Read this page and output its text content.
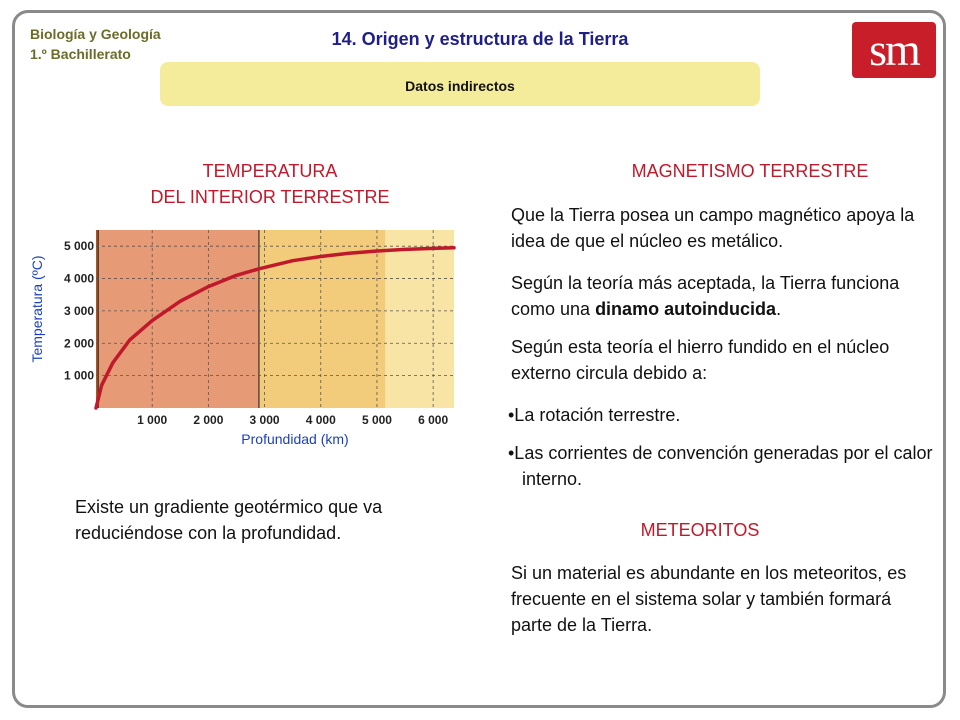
Biología y Geología
1.º Bachillerato
14. Origen y estructura de la Tierra
Datos indirectos
sm
TEMPERATURA
DEL INTERIOR TERRESTRE
1 000 2 000 3 000 4 000 5 000 6 000
1 000
2 000
3 000
4 000
5 000
Profundidad (km)
Temperatura (ºC)
Existe un gradiente geotérmico que va reduciéndose con la profundidad.
MAGNETISMO TERRESTRE
Que la Tierra posea un campo magnético apoya la idea de que el núcleo es metálico.
Según la teoría más aceptada, la Tierra funciona como una dinamo autoinducida.
Según esta teoría el hierro fundido en el núcleo externo circula debido a:
•La rotación terrestre.
•Las corrientes de convención generadas por el calor interno.
METEORITOS
Si un material es abundante en los meteoritos, es frecuente en el sistema solar y también formará parte de la Tierra.
